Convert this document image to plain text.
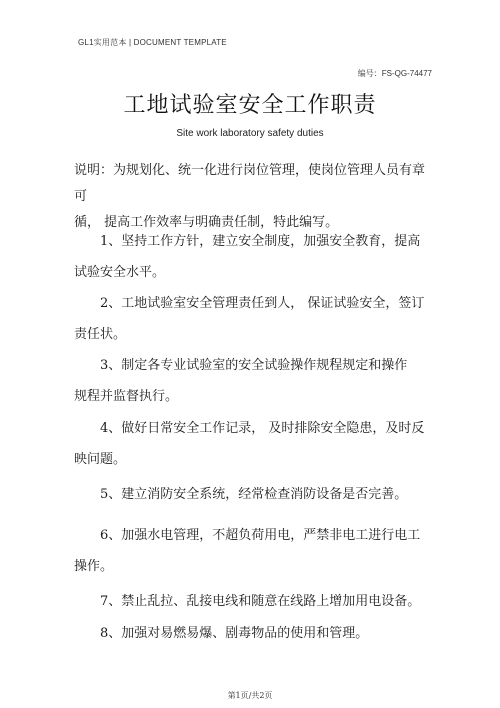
GL1实用范本 | DOCUMENT TEMPLATE
编号：FS-QG-74477
工地试验室安全工作职责
Site work laboratory safety duties
说明：为规划化、统一化进行岗位管理，使岗位管理人员有章可
循， 提高工作效率与明确责任制，特此编写。
1、坚持工作方针，建立安全制度，加强安全教育，提高
试验安全水平。
2、工地试验室安全管理责任到人， 保证试验安全，签订
责任状。
3、制定各专业试验室的安全试验操作规程规定和操作
规程并监督执行。
4、做好日常安全工作记录， 及时排除安全隐患，及时反
映问题。
5、建立消防安全系统，经常检查消防设备是否完善。
6、加强水电管理，不超负荷用电，严禁非电工进行电工
操作。
7、禁止乱拉、乱接电线和随意在线路上增加用电设备。
8、加强对易燃易爆、剧毒物品的使用和管理。
第1页/共2页
